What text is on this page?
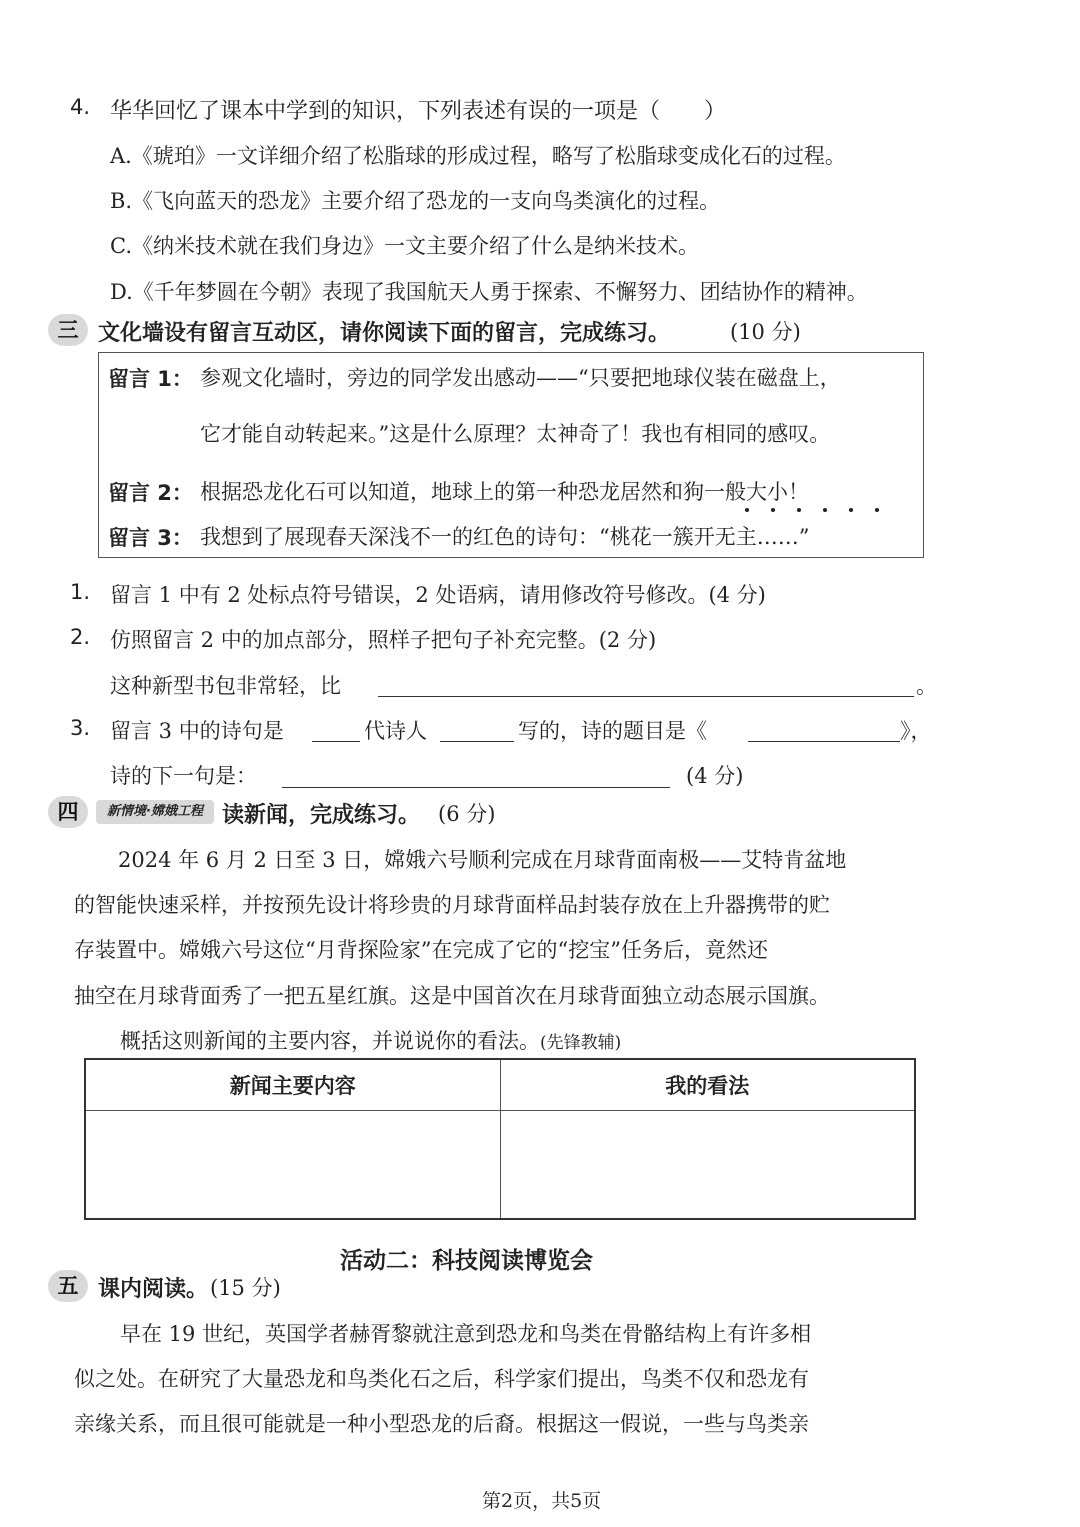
4. 华华回忆了课本中学到的知识，下列表述有误的一项是（　　）
A.《琥珀》一文详细介绍了松脂球的形成过程，略写了松脂球变成化石的过程。
B.《飞向蓝天的恐龙》主要介绍了恐龙的一支向鸟类演化的过程。
C.《纳米技术就在我们身边》一文主要介绍了什么是纳米技术。
D.《千年梦圆在今朝》表现了我国航天人勇于探索、不懈努力、团结协作的精神。
三 文化墙设有留言互动区，请你阅读下面的留言，完成练习。	(10 分)
留言 1： 参观文化墙时，旁边的同学发出感动——“只要把地球仪装在磁盘上，
它才能自动转起来。”这是什么原理？太神奇了！我也有相同的感叹。
留言 2： 根据恐龙化石可以知道，地球上的第一种恐龙居然和狗一般大小！
留言 3： 我想到了展现春天深浅不一的红色的诗句：“桃花一簇开无主……”
1. 留言 1 中有 2 处标点符号错误，2 处语病，请用修改符号修改。(4 分)
2. 仿照留言 2 中的加点部分，照样子把句子补充完整。(2 分)
这种新型书包非常轻，比	。
3. 留言 3 中的诗句是	代诗人	写的，诗的题目是《	》，
诗的下一句是：	(4 分)
四	新情境·嫦娥工程 读新闻，完成练习。 (6 分)
2024 年 6 月 2 日至 3 日，嫦娥六号顺利完成在月球背面南极——艾特肯盆地
的智能快速采样，并按预先设计将珍贵的月球背面样品封装存放在上升器携带的贮
存装置中。嫦娥六号这位“月背探险家”在完成了它的“挖宝”任务后，竟然还
抽空在月球背面秀了一把五星红旗。这是中国首次在月球背面独立动态展示国旗。
概括这则新闻的主要内容，并说说你的看法。(先锋教辅)
新闻主要内容	我的看法

活动二：科技阅读博览会
五 课内阅读。 (15 分)
早在 19 世纪，英国学者赫胥黎就注意到恐龙和鸟类在骨骼结构上有许多相
似之处。在研究了大量恐龙和鸟类化石之后，科学家们提出，鸟类不仅和恐龙有
亲缘关系，而且很可能就是一种小型恐龙的后裔。根据这一假说，一些与鸟类亲
第2页，共5页
